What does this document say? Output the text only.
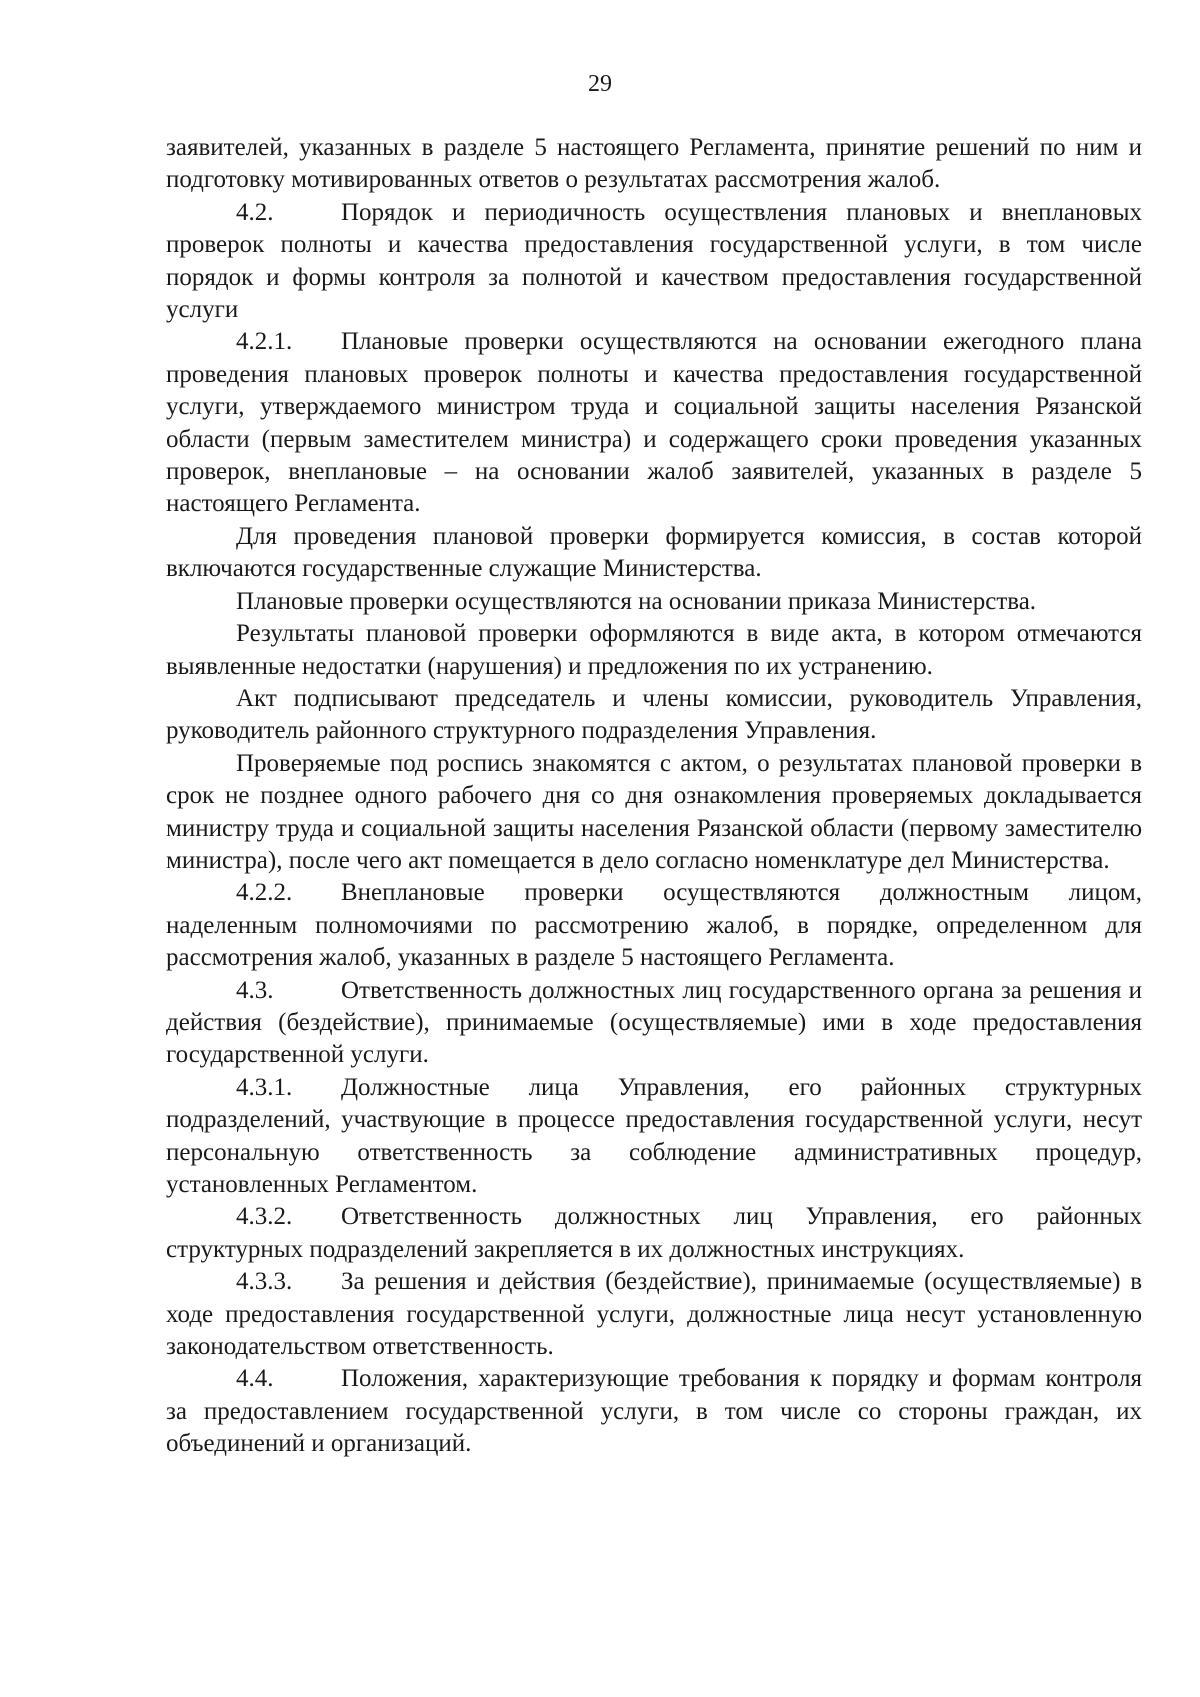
29

заявителей, указанных в разделе 5 настоящего Регламента, принятие решений по ним и подготовку мотивированных ответов о результатах рассмотрения жалоб.

4.2.	Порядок и периодичность осуществления плановых и внеплановых проверок полноты и качества предоставления государственной услуги, в том числе порядок и формы контроля за полнотой и качеством предоставления государственной услуги

4.2.1. Плановые проверки осуществляются на основании ежегодного плана проведения плановых проверок полноты и качества предоставления государственной услуги, утверждаемого министром труда и социальной защиты населения Рязанской области (первым заместителем министра) и содержащего сроки проведения указанных проверок, внеплановые – на основании жалоб заявителей, указанных в разделе 5 настоящего Регламента.

Для проведения плановой проверки формируется комиссия, в состав которой включаются государственные служащие Министерства.

Плановые проверки осуществляются на основании приказа Министерства.

Результаты плановой проверки оформляются в виде акта, в котором отмечаются выявленные недостатки (нарушения) и предложения по их устранению.

Акт подписывают председатель и члены комиссии, руководитель Управления, руководитель районного структурного подразделения Управления.

Проверяемые под роспись знакомятся с актом, о результатах плановой проверки в срок не позднее одного рабочего дня со дня ознакомления проверяемых докладывается министру труда и социальной защиты населения Рязанской области (первому заместителю министра), после чего акт помещается в дело согласно номенклатуре дел Министерства.

4.2.2. Внеплановые проверки осуществляются должностным лицом, наделенным полномочиями по рассмотрению жалоб, в порядке, определенном для рассмотрения жалоб, указанных в разделе 5 настоящего Регламента.

4.3.	Ответственность должностных лиц государственного органа за решения и действия (бездействие), принимаемые (осуществляемые) ими в ходе предоставления государственной услуги.

4.3.1. Должностные лица Управления, его районных структурных подразделений, участвующие в процессе предоставления государственной услуги, несут персональную ответственность за соблюдение административных процедур, установленных Регламентом.

4.3.2. Ответственность должностных лиц Управления, его районных структурных подразделений закрепляется в их должностных инструкциях.

4.3.3. За решения и действия (бездействие), принимаемые (осуществляемые) в ходе предоставления государственной услуги, должностные лица несут установленную законодательством ответственность.

4.4.	Положения, характеризующие требования к порядку и формам контроля за предоставлением государственной услуги, в том числе со стороны граждан, их объединений и организаций.
